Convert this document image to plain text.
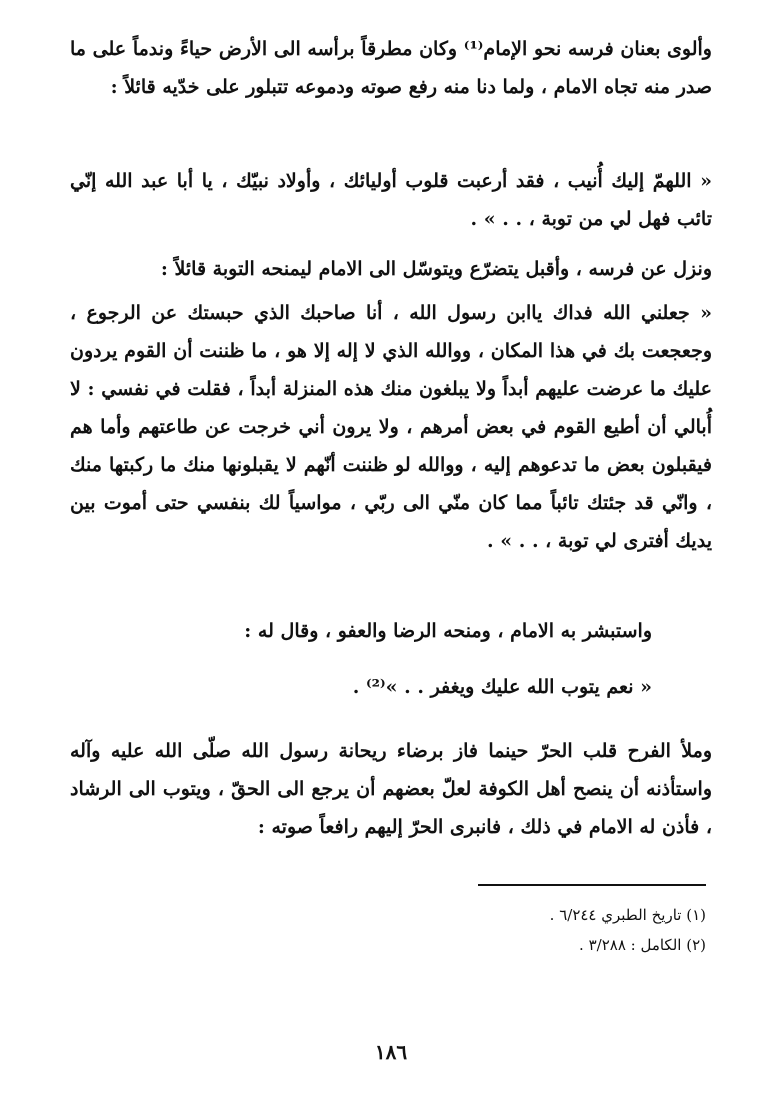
وألوى بعنان فرسه نحو الإمام⁽¹⁾ وكان مطرقاً برأسه الى الأرض حياءً وندماً على ما صدر منه تجاه الامام ، ولما دنا منه رفع صوته ودموعه تتبلور على خدّيه قائلاً :

« اللهمّ إليك أُنيب ، فقد أرعبت قلوب أوليائك ، وأولاد نبيّك ، يا أبا عبد الله إنّي تائب فهل لي من توبة ، . . » .

ونزل عن فرسه ، وأقبل يتضرّع ويتوسّل الى الامام ليمنحه التوبة قائلاً :

« جعلني الله فداك ياابن رسول الله ، أنا صاحبك الذي حبستك عن الرجوع ، وجعجعت بك في هذا المكان ، ووالله الذي لا إله إلا هو ، ما ظننت أن القوم يردون عليك ما عرضت عليهم أبداً ولا يبلغون منك هذه المنزلة أبداً ، فقلت في نفسي : لا أُبالي أن أطيع القوم في بعض أمرهم ، ولا يرون أني خرجت عن طاعتهم وأما هم فيقبلون بعض ما تدعوهم إليه ، ووالله لو ظننت أنّهم لا يقبلونها منك ما ركبتها منك ، وانّي قد جئتك تائباً مما كان منّي الى ربّي ، مواسياً لك بنفسي حتى أموت بين يديك أفترى لي توبة ، . . » .

واستبشر به الامام ، ومنحه الرضا والعفو ، وقال له :

« نعم يتوب الله عليك ويغفر . . »⁽²⁾ .

وملأ الفرح قلب الحرّ حينما فاز برضاء ريحانة رسول الله صلّى الله عليه وآله واستأذنه أن ينصح أهل الكوفة لعلّ بعضهم أن يرجع الى الحقّ ، ويتوب الى الرشاد ، فأذن له الامام في ذلك ، فانبرى الحرّ إليهم رافعاً صوته :

(١) تاريخ الطبري ٦/٢٤٤ .
(٢) الكامل : ٣/٢٨٨ .
١٨٦
